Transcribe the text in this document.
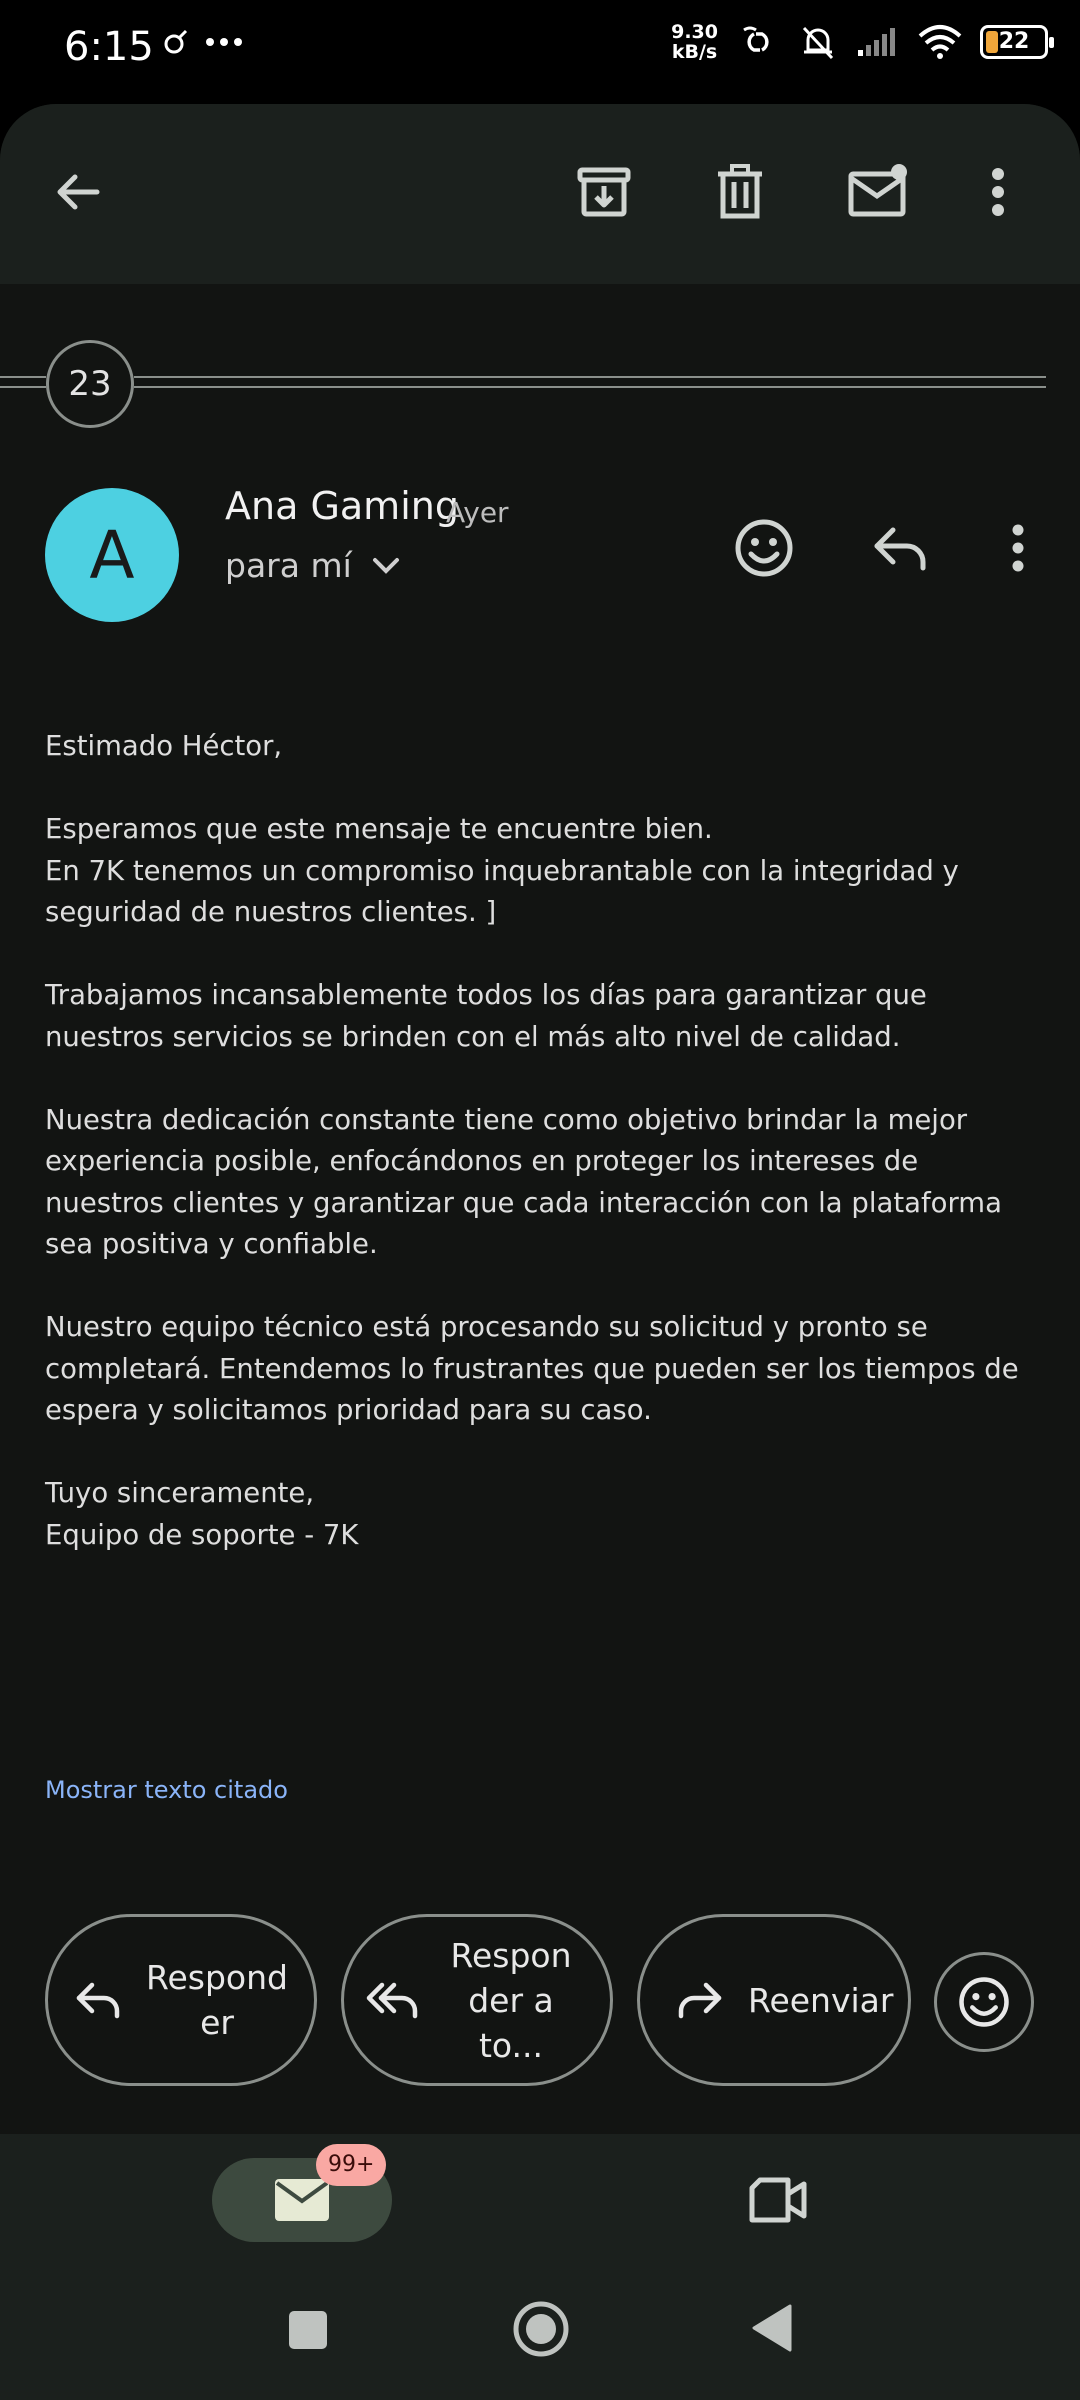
6:15	9.30
kB/s	22
23
A
Ana Gaming
Ayer
para mí

Estimado Héctor,

Esperamos que este mensaje te encuentre bien.
En 7K tenemos un compromiso inquebrantable con la integridad y seguridad de nuestros clientes. ]

Trabajamos incansablemente todos los días para garantizar que nuestros servicios se brinden con el más alto nivel de calidad.

Nuestra dedicación constante tiene como objetivo brindar la mejor experiencia posible, enfocándonos en proteger los intereses de nuestros clientes y garantizar que cada interacción con la plataforma sea positiva y confiable.

Nuestro equipo técnico está procesando su solicitud y pronto se completará. Entendemos lo frustrantes que pueden ser los tiempos de espera y solicitamos prioridad para su caso.

Tuyo sinceramente,
Equipo de soporte - 7K

Mostrar texto citado
Respond
er
Respon
der a to...
Reenviar
99+
